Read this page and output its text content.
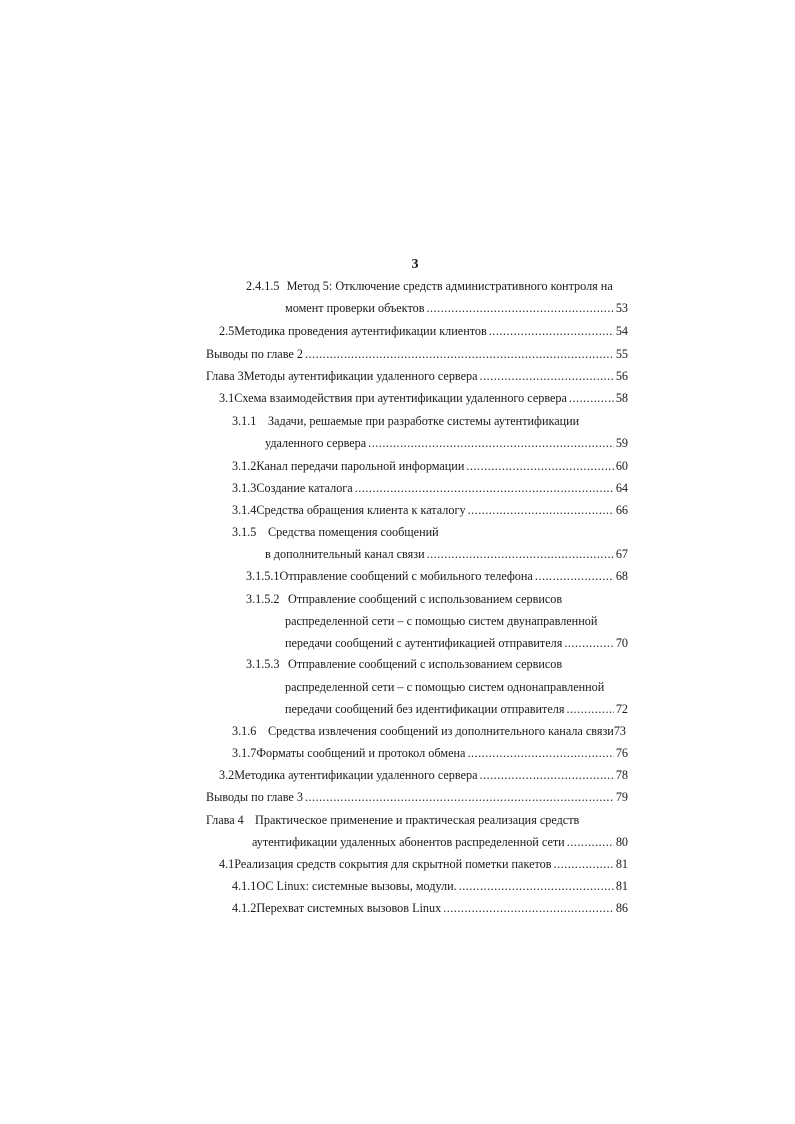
3
2.4.1.5 Метод 5: Отключение средств административного контроля на
момент проверки объектов .....	53
2.5 Методика проведения аутентификации клиентов .....	54
Выводы по главе 2 .....	55
Глава 3 Методы аутентификации удаленного сервера .....	56
3.1 Схема взаимодействия при аутентификации удаленного сервера .....	58
3.1.1 Задачи, решаемые при разработке системы аутентификации
удаленного сервера .....	59
3.1.2 Канал передачи парольной информации .....	60
3.1.3 Создание каталога .....	64
3.1.4 Средства обращения клиента к каталогу .....	66
3.1.5 Средства помещения сообщений
в дополнительный канал связи .....	67
3.1.5.1 Отправление сообщений с мобильного телефона .....	68
3.1.5.2 Отправление сообщений с использованием сервисов
распределенной сети – с помощью систем двунаправленной
передачи сообщений с аутентификацией отправителя .....	70
3.1.5.3 Отправление сообщений с использованием сервисов
распределенной сети – с помощью систем однонаправленной
передачи сообщений без идентификации отправителя .....	72
3.1.6 Средства извлечения сообщений из дополнительного канала связи73
3.1.7 Форматы сообщений и протокол обмена .....	76
3.2 Методика аутентификации удаленного сервера .....	78
Выводы по главе 3 .....	79
Глава 4 Практическое применение и практическая реализация средств
аутентификации удаленных абонентов распределенной сети .....	80
4.1 Реализация средств сокрытия для скрытной пометки пакетов .....	81
4.1.1 ОС Linux: системные вызовы, модули. .....	81
4.1.2 Перехват системных вызовов Linux .....	86
